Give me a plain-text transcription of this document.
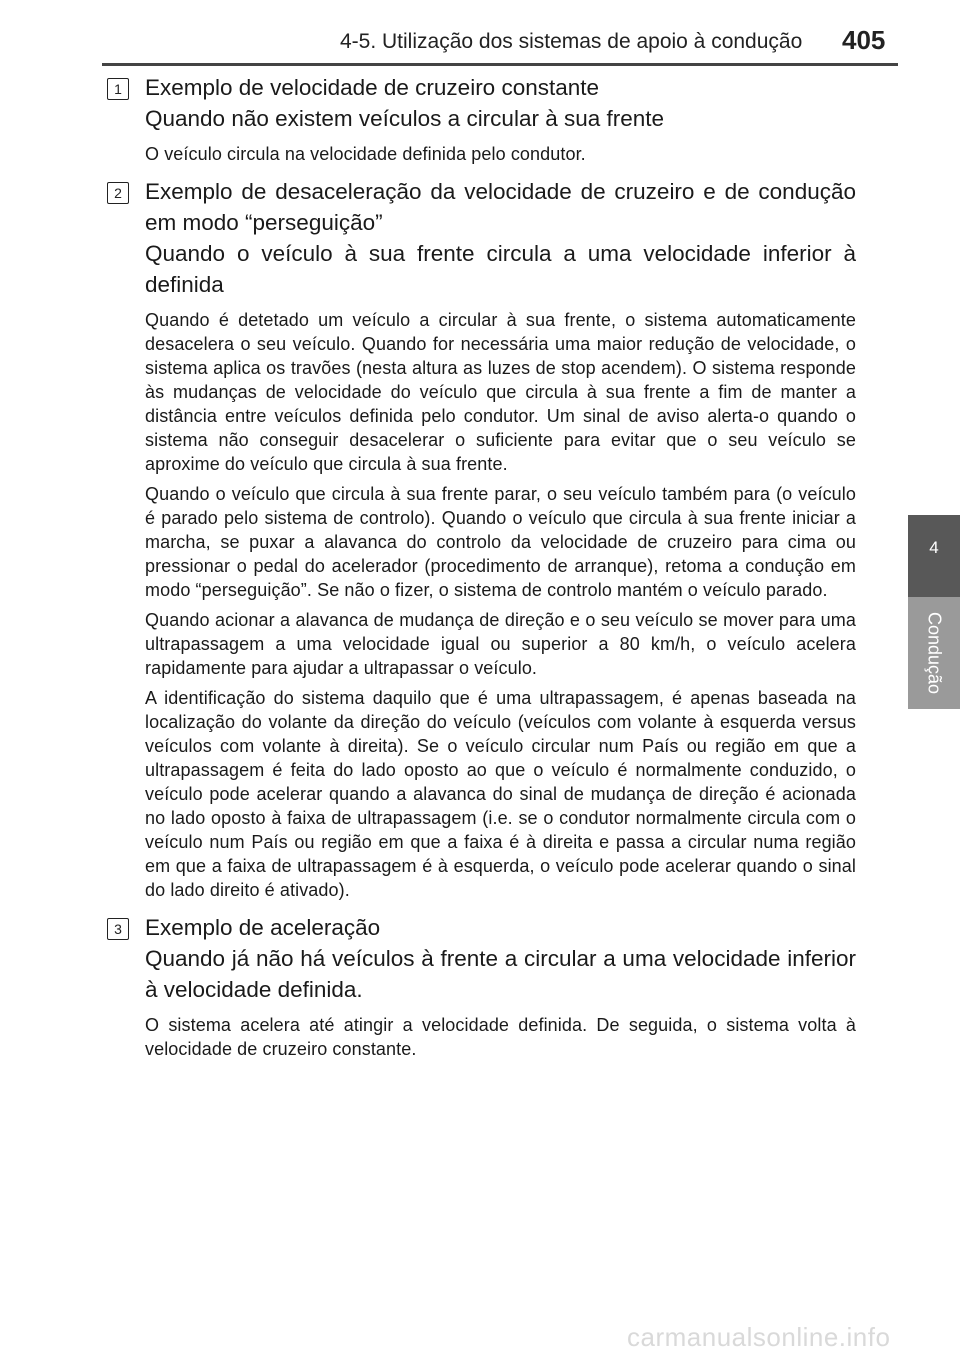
4-5. Utilização dos sistemas de apoio à condução 405
4
Condução
1	Exemplo de velocidade de cruzeiro constante

Quando não existem veículos a circular à sua frente

O veículo circula na velocidade definida pelo condutor.

2	Exemplo de desaceleração da velocidade de cruzeiro e de condução em modo “perseguição”

Quando o veículo à sua frente circula a uma velocidade inferior à definida

Quando é detetado um veículo a circular à sua frente, o sistema automaticamente desacelera o seu veículo. Quando for necessária uma maior redução de velocidade, o sistema aplica os travões (nesta altura as luzes de stop acendem). O sistema responde às mudanças de velocidade do veículo que circula à sua frente a fim de manter a distância entre veículos definida pelo condutor. Um sinal de aviso alerta-o quando o sistema não conseguir desacelerar o suficiente para evitar que o seu veículo se aproxime do veículo que circula à sua frente.

Quando o veículo que circula à sua frente parar, o seu veículo também para (o veículo é parado pelo sistema de controlo). Quando o veículo que circula à sua frente iniciar a marcha, se puxar a alavanca do controlo da velocidade de cruzeiro para cima ou pressionar o pedal do acelerador (procedimento de arranque), retoma a condução em modo “perseguição”. Se não o fizer, o sistema de controlo mantém o veículo parado.

Quando acionar a alavanca de mudança de direção e o seu veículo se mover para uma ultrapassagem a uma velocidade igual ou superior a 80 km/h, o veículo acelera rapidamente para ajudar a ultrapassar o veículo.

A identificação do sistema daquilo que é uma ultrapassagem, é apenas baseada na localização do volante da direção do veículo (veículos com volante à esquerda versus veículos com volante à direita). Se o veículo circular num País ou região em que a ultrapassagem é feita do lado oposto ao que o veículo é normalmente conduzido, o veículo pode acelerar quando a alavanca do sinal de mudança de direção é acionada no lado oposto à faixa de ultrapassagem (i.e. se o condutor normalmente circula com o veículo num País ou região em que a faixa é à direita e passa a circular numa região em que a faixa de ultrapassagem é à esquerda, o veículo pode acelerar quando o sinal do lado direito é ativado).

3	Exemplo de aceleração

Quando já não há veículos à frente a circular a uma velocidade inferior à velocidade definida.

O sistema acelera até atingir a velocidade definida. De seguida, o sistema volta à velocidade de cruzeiro constante.

carmanualsonline.info
